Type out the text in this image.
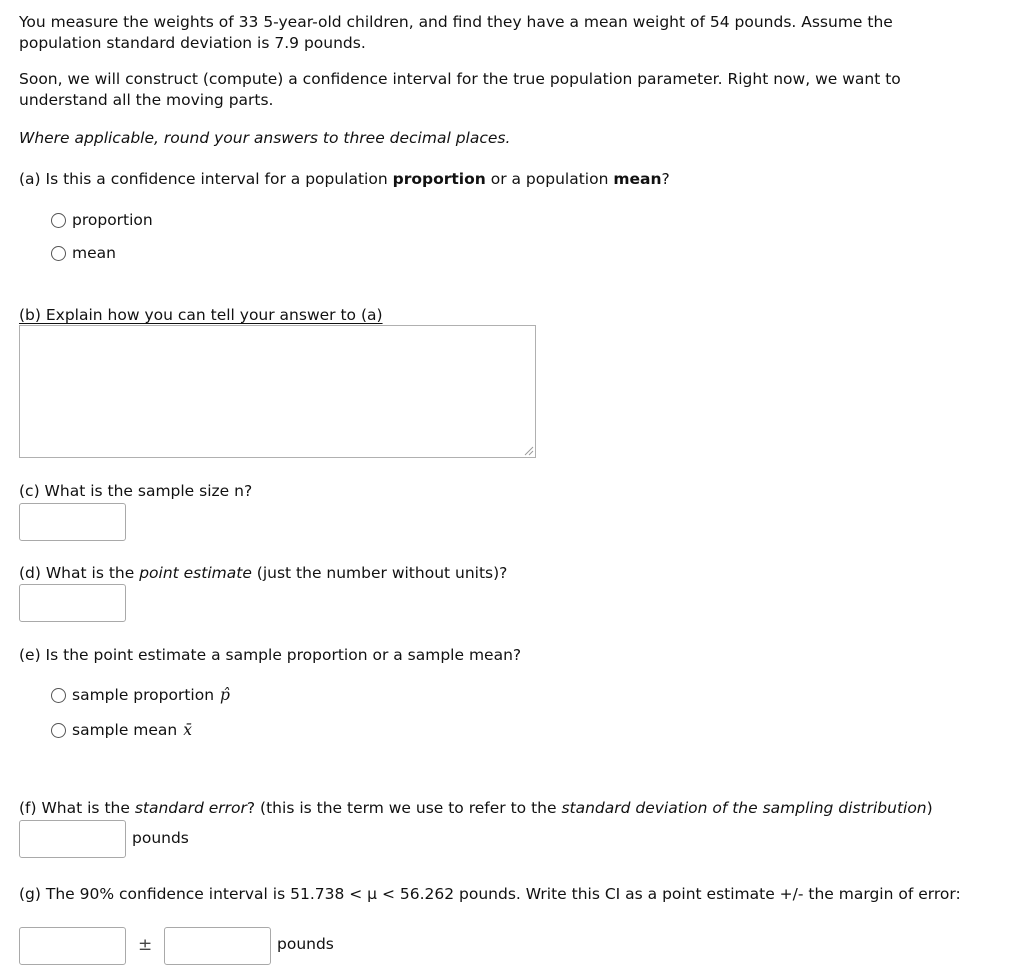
You measure the weights of 33 5-year-old children, and find they have a mean weight of 54 pounds. Assume the
population standard deviation is 7.9 pounds.
Soon, we will construct (compute) a confidence interval for the true population parameter. Right now, we want to
understand all the moving parts.
Where applicable, round your answers to three decimal places.
(a) Is this a confidence interval for a population proportion or a population mean?
proportion
mean
(b) Explain how you can tell your answer to (a)
(c) What is the sample size n?
(d) What is the point estimate (just the number without units)?
(e) Is the point estimate a sample proportion or a sample mean?
sample proportion p̂
sample mean x̄
(f) What is the standard error? (this is the term we use to refer to the standard deviation of the sampling distribution)
pounds
(g) The 90% confidence interval is 51.738 < μ < 56.262 pounds. Write this CI as a point estimate +/- the margin of error:
±	pounds
